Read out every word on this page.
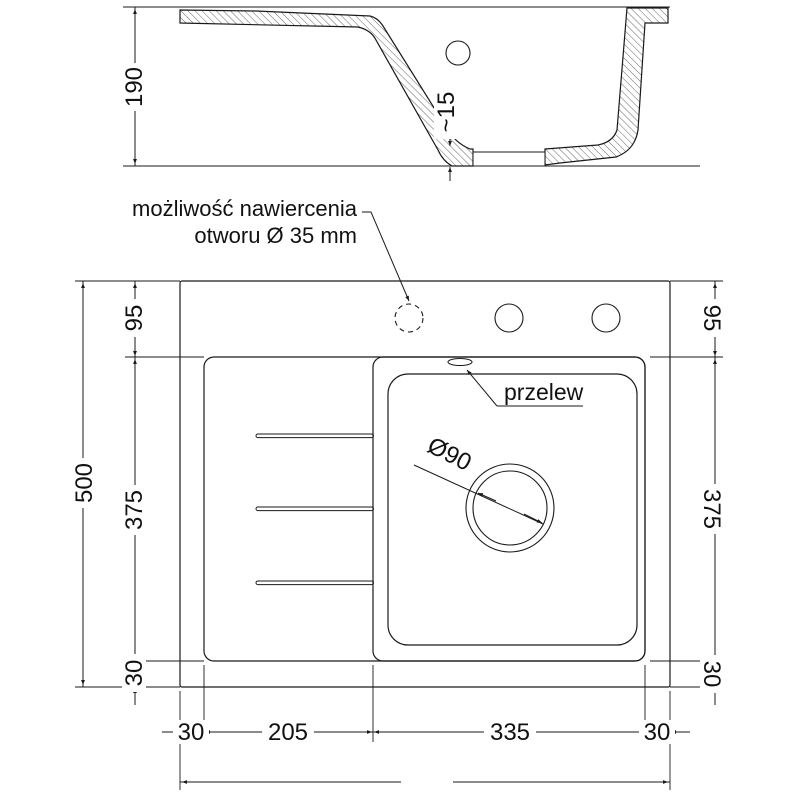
190
~15
możliwość nawiercenia
otworu Ø 35 mm
przelew
Ø90
95
375
30
500
95
375
30
30	205	335	30
